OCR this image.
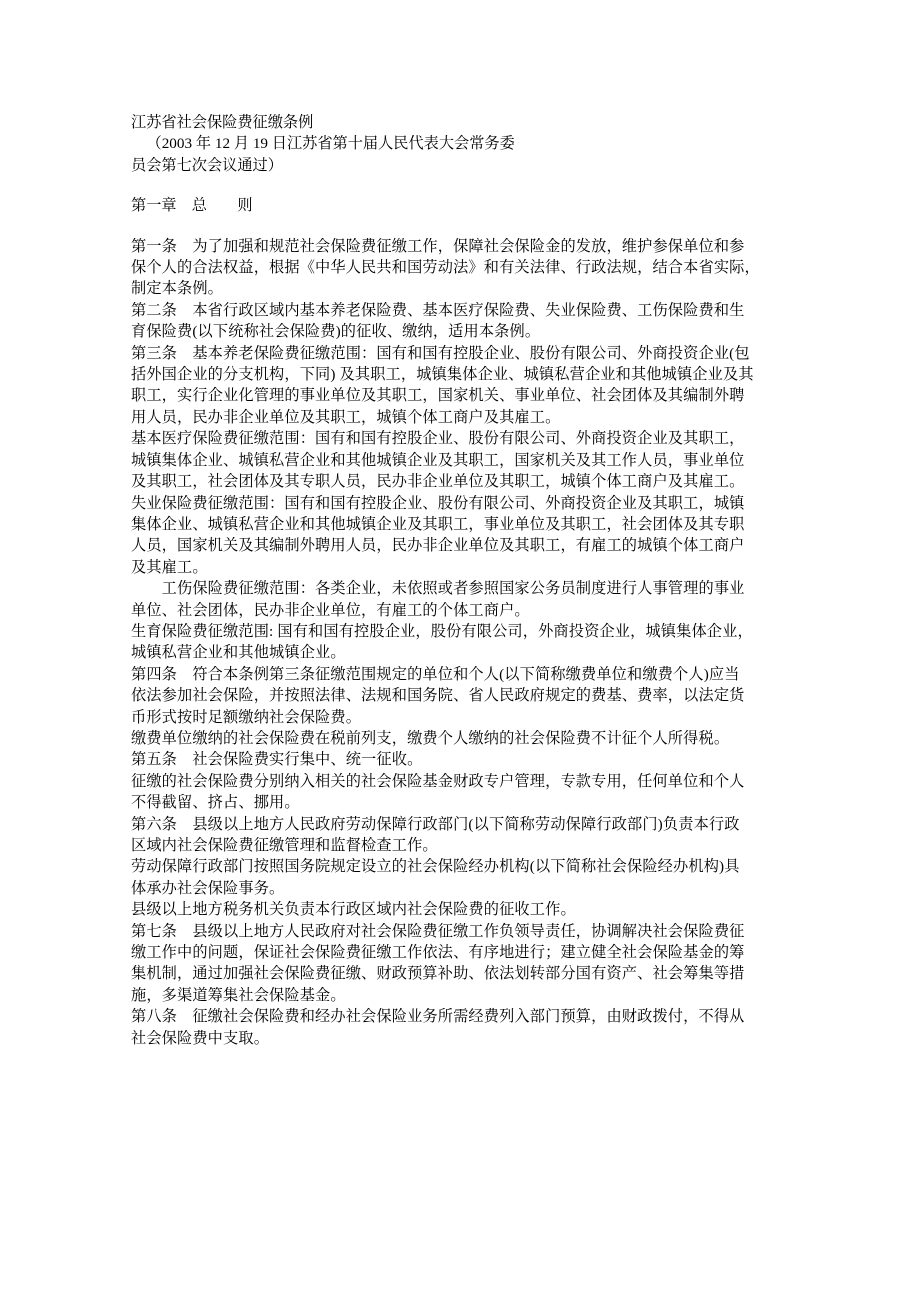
江苏省社会保险费征缴条例
（2003 年 12 月 19 日江苏省第十届人民代表大会常务委
员会第七次会议通过）
第一章　总　　则
第一条　为了加强和规范社会保险费征缴工作，保障社会保险金的发放，维护参保单位和参
保个人的合法权益，根据《中华人民共和国劳动法》和有关法律、行政法规，结合本省实际，
制定本条例。
第二条　本省行政区域内基本养老保险费、基本医疗保险费、失业保险费、工伤保险费和生
育保险费(以下统称社会保险费)的征收、缴纳，适用本条例。
第三条　基本养老保险费征缴范围：国有和国有控股企业、股份有限公司、外商投资企业(包
括外国企业的分支机构，下同) 及其职工，城镇集体企业、城镇私营企业和其他城镇企业及其
职工，实行企业化管理的事业单位及其职工，国家机关、事业单位、社会团体及其编制外聘
用人员，民办非企业单位及其职工，城镇个体工商户及其雇工。
基本医疗保险费征缴范围：国有和国有控股企业、股份有限公司、外商投资企业及其职工，
城镇集体企业、城镇私营企业和其他城镇企业及其职工，国家机关及其工作人员，事业单位
及其职工，社会团体及其专职人员，民办非企业单位及其职工，城镇个体工商户及其雇工。
失业保险费征缴范围：国有和国有控股企业、股份有限公司、外商投资企业及其职工，城镇
集体企业、城镇私营企业和其他城镇企业及其职工，事业单位及其职工，社会团体及其专职
人员，国家机关及其编制外聘用人员，民办非企业单位及其职工，有雇工的城镇个体工商户
及其雇工。
　　工伤保险费征缴范围：各类企业，未依照或者参照国家公务员制度进行人事管理的事业
单位、社会团体，民办非企业单位，有雇工的个体工商户。
生育保险费征缴范围: 国有和国有控股企业，股份有限公司，外商投资企业，城镇集体企业，
城镇私营企业和其他城镇企业。
第四条　符合本条例第三条征缴范围规定的单位和个人(以下简称缴费单位和缴费个人)应当
依法参加社会保险，并按照法律、法规和国务院、省人民政府规定的费基、费率，以法定货
币形式按时足额缴纳社会保险费。
缴费单位缴纳的社会保险费在税前列支，缴费个人缴纳的社会保险费不计征个人所得税。
第五条　社会保险费实行集中、统一征收。
征缴的社会保险费分别纳入相关的社会保险基金财政专户管理，专款专用，任何单位和个人
不得截留、挤占、挪用。
第六条　县级以上地方人民政府劳动保障行政部门(以下简称劳动保障行政部门)负责本行政
区域内社会保险费征缴管理和监督检查工作。
劳动保障行政部门按照国务院规定设立的社会保险经办机构(以下简称社会保险经办机构)具
体承办社会保险事务。
县级以上地方税务机关负责本行政区域内社会保险费的征收工作。
第七条　县级以上地方人民政府对社会保险费征缴工作负领导责任，协调解决社会保险费征
缴工作中的问题，保证社会保险费征缴工作依法、有序地进行；建立健全社会保险基金的筹
集机制，通过加强社会保险费征缴、财政预算补助、依法划转部分国有资产、社会筹集等措
施，多渠道筹集社会保险基金。
第八条　征缴社会保险费和经办社会保险业务所需经费列入部门预算，由财政拨付，不得从
社会保险费中支取。
